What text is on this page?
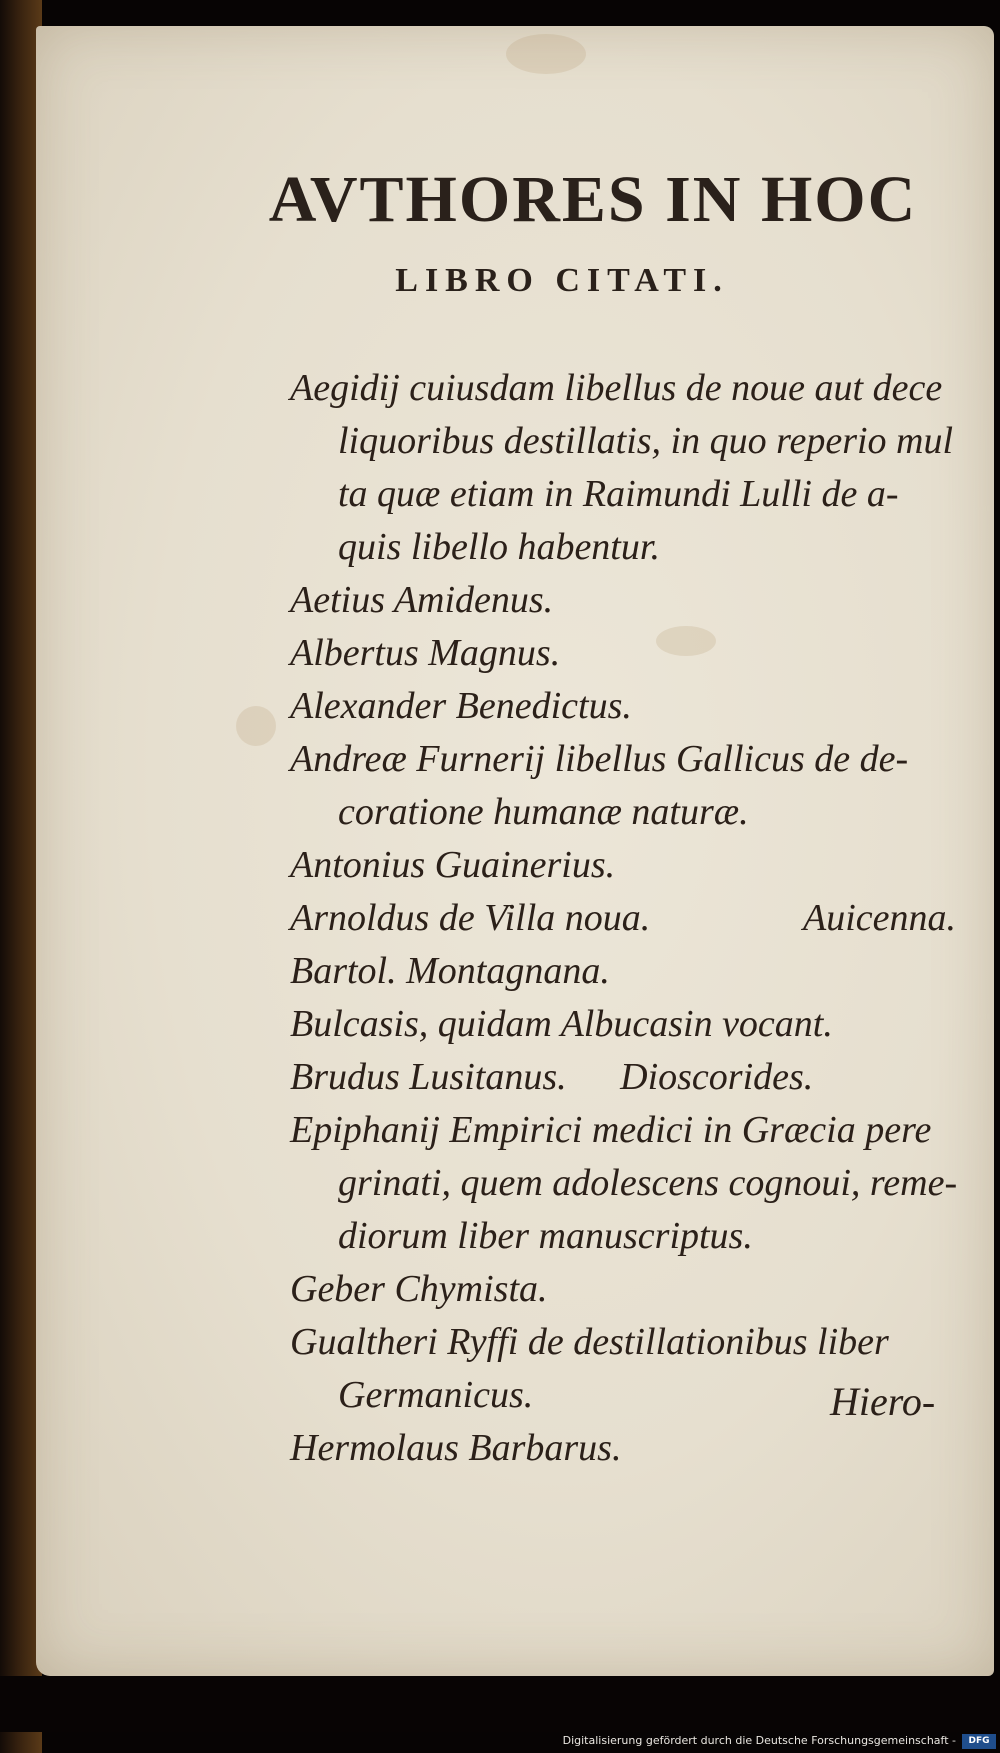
AVTHORES IN HOC
LIBRO CITATI.
Aegidij cuiusdam libellus de noue aut dece
liquoribus destillatis, in quo reperio mul
ta quæ etiam in Raimundi Lulli de a-
quis libello habentur.
Aetius Amidenus.
Albertus Magnus.
Alexander Benedictus.
Andreæ Furnerij libellus Gallicus de de-
coratione humanæ naturæ.
Antonius Guainerius.
Arnoldus de Villa noua.	Auicenna.
Bartol. Montagnana.
Bulcasis, quidam Albucasin vocant.
Brudus Lusitanus. Dioscorides.
Epiphanij Empirici medici in Græcia pere
grinati, quem adolescens cognoui, reme-
diorum liber manuscriptus.
Geber Chymista.
Gualtheri Ryffi de destillationibus liber
Germanicus.
Hermolaus Barbarus.
Hiero-
Digitalisierung gefördert durch die Deutsche Forschungsgemeinschaft -	DFG
